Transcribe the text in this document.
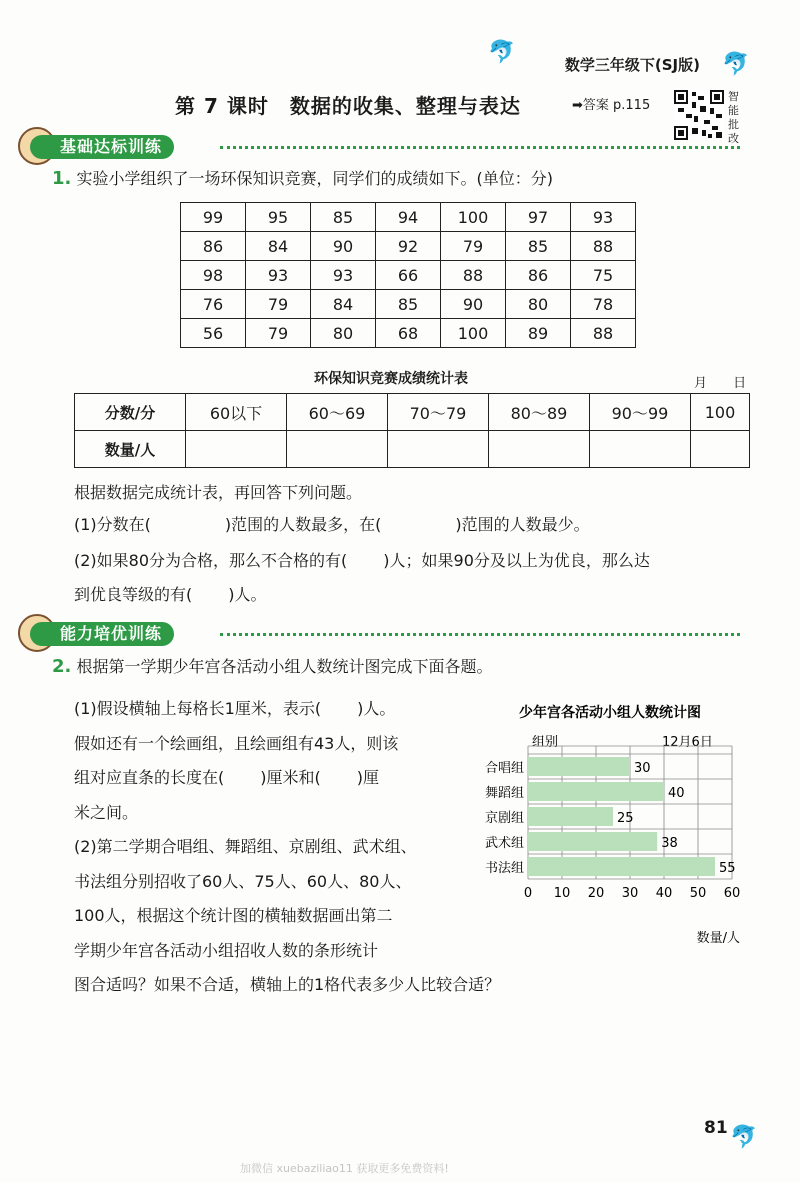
🐬	🐬
数学三年级下(SJ版)
第 7 课时　数据的收集、整理与表达	➡答案 p.115
智能批改
基础达标训练
1. 实验小学组织了一场环保知识竞赛，同学们的成绩如下。(单位：分)
99	95	85	94	100	97	93
86	84	90	92	79	85	88
98	93	93	66	88	86	75
76	79	84	85	90	80	78
56	79	80	68	100	89	88
环保知识竞赛成绩统计表	月 日
分数/分	60以下	60～69	70～79	80～89	90～99	100
数量/人						
根据数据完成统计表，再回答下列问题。
(1)分数在(	)范围的人数最多，在(	)范围的人数最少。
(2)如果80分为合格，那么不合格的有( )人；如果90分及以上为优良，那么达
到优良等级的有( )人。
能力培优训练
2. 根据第一学期少年宫各活动小组人数统计图完成下面各题。
(1)假设横轴上每格长1厘米，表示( )人。
假如还有一个绘画组，且绘画组有43人，则该
组对应直条的长度在( )厘米和( )厘
米之间。
(2)第二学期合唱组、舞蹈组、京剧组、武术组、
书法组分别招收了60人、75人、60人、80人、
100人，根据这个统计图的横轴数据画出第二
学期少年宫各活动小组招收人数的条形统计
图合适吗？如果不合适，横轴上的1格代表多少人比较合适？
少年宫各活动小组人数统计图
组别	12月6日
30
40
25
38
55
合唱组
舞蹈组
京剧组
武术组
书法组
0 10 20 30 40 50 60
数量/人
81 🐬
加微信 xuebaziliao11 获取更多免费资料!
